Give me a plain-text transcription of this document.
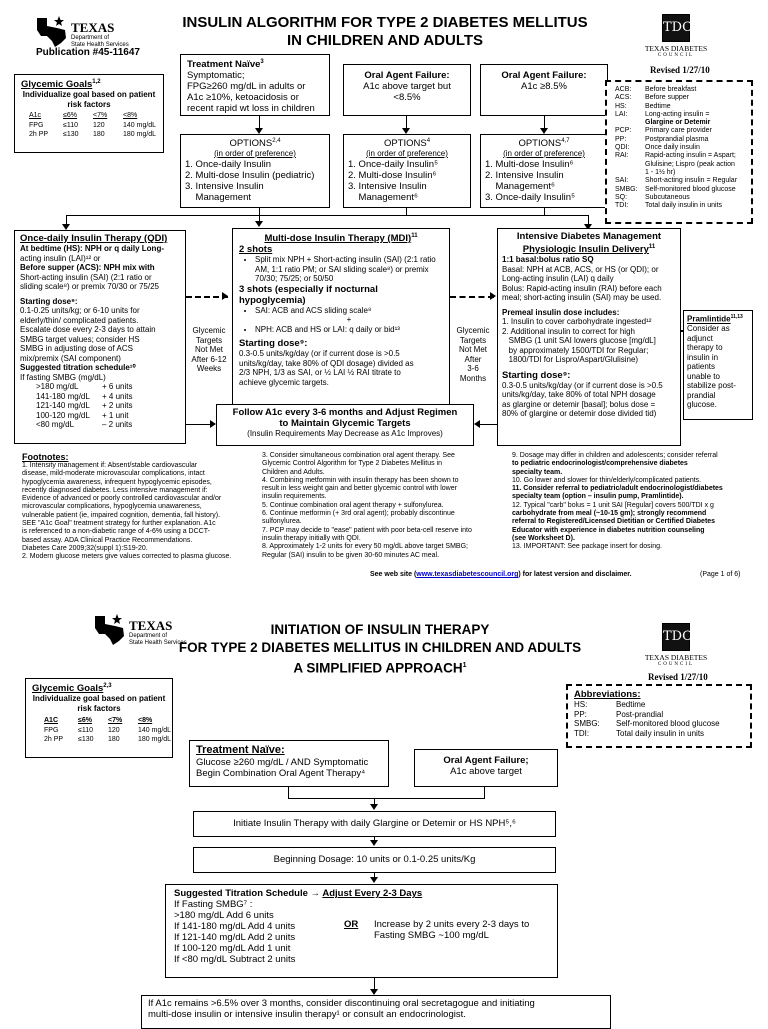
TEXAS
Department of
State Health Services
INSULIN ALGORITHM FOR TYPE 2 DIABETES MELLITUS
IN CHILDREN AND ADULTS
Publication #45-11647
TDC
TEXAS DIABETES
COUNCIL
Revised 1/27/10
Glycemic Goals$^{1,2}$
Individualize goal based on patient risk factors
A1c	≤6%	<7%	<8%
FPG	≤110	120	140 mg/dL
2h PP	≤130	180	180 mg/dL
Treatment Naïve$^3$
Symptomatic;
FPG≥260 mg/dL in adults or
A1c ≥10%, ketoacidosis or
recent rapid wt loss in children
Oral Agent Failure:
A1c above target but
<8.5%
Oral Agent Failure:
A1c ≥8.5%
OPTIONS$^{2,4}$
(in order of preference)
1. Once-daily Insulin
2. Multi-dose Insulin (pediatric)
3. Intensive Insulin
Management
OPTIONS$^4$
(in order of preference)
1. Once-daily Insulin⁵
2. Multi-dose Insulin⁶
3. Intensive Insulin
Management⁶
OPTIONS$^{4,7}$
(in order of preference)
1. Multi-dose Insulin⁶
2. Intensive Insulin
Management⁶
3. Once-daily Insulin⁵
ACB:	Before breakfast
ACS:	Before supper
HS:	Bedtime
LAI:	Long-acting insulin =
Glargine or Detemir
PCP:	Primary care provider
PP:	Postprandial plasma
QDI:	Once daily insulin
RAI:	Rapid-acting insulin = Aspart;
Glulisine; Lispro (peak action
1 - 1½ hr)
SAI:	Short-acting insulin = Regular
SMBG:	Self-monitored blood glucose
SQ:	Subcutaneous
TDI:	Total daily insulin in units
Once-daily Insulin Therapy (QDI)
At bedtime (HS): NPH or q daily Long-
acting insulin (LAI)¹² or
Before supper (ACS): NPH mix with
Short-acting insulin (SAI) (2:1 ratio or
sliding scale⁸) or premix 70/30 or 75/25
Starting dose⁹:
0.1-0.25 units/kg; or 6-10 units for
elderly/thin/ complicated patients.
Escalate dose every 2-3 days to attain
SMBG target values; consider HS
SMBG in adjusting dose of ACS
mix/premix (SAI component)
Suggested titration schedule¹⁰
If fasting SMBG (mg/dL)
>180 mg/dL	+ 6 units
141-180 mg/dL	+ 4 units
121-140 mg/dL	+ 2 units
100-120 mg/dL	+ 1 unit
<80 mg/dL	– 2 units
Glycemic
Targets
Not Met
After 6-12
Weeks
Multi-dose Insulin Therapy (MDI)$^{11}$
2 shots
• Split mix NPH + Short-acting insulin (SAI) (2:1 ratio AM, 1:1 ratio PM; or SAI sliding scale⁸) or premix 70/30; 75/25; or 50/50
3 shots (especially if nocturnal hypoglycemia)
• SAI: ACB and ACS sliding scale⁸
+
• NPH: ACB and HS or LAI: q daily or bid¹³
Starting dose⁹:
0.3-0.5 units/kg/day (or if current dose is >0.5
units/kg/day, take 80% of QDI dosage) divided as
2/3 NPH, 1/3 as SAI, or ½ LAI ½ RAI titrate to
achieve glycemic targets.
Glycemic
Targets
Not Met
After
3-6
Months
Intensive Diabetes Management
Physiologic Insulin Delivery$^{11}$
1:1 basal:bolus ratio SQ
Basal: NPH at ACB, ACS, or HS (or QDI); or
Long-acting insulin (LAI) q daily
Bolus: Rapid-acting insulin (RAI) before each
meal; short-acting insulin (SAI) may be used.
Premeal insulin dose includes:
1. Insulin to cover carbohydrate ingested¹²
2. Additional insulin to correct for high
SMBG (1 unit SAI lowers glucose [mg/dL]
by approximately 1500/TDI for Regular;
1800/TDI for Lispro/Aspart/Glulisine)
Starting dose⁹:
0.3-0.5 units/kg/day (or if current dose is >0.5
units/kg/day, take 80% of total NPH dosage
as glargine or detemir [basal]; bolus dose =
80% of glargine or detemir dose divided tid)
Pramlintide$^{11,13}$
Consider as
adjunct
therapy to
insulin in
patients
unable to
stabilize post-
prandial
glucose.
Follow A1c every 3-6 months and Adjust Regimen
to Maintain Glycemic Targets
(Insulin Requirements May Decrease as A1c Improves)
Footnotes:
1. Intensity management if: Absent/stable cardiovascular
disease, mild-moderate microvascular complications, intact
hypoglycemia awareness, infrequent hypoglycemic episodes,
recently diagnosed diabetes. Less intensive management if:
Evidence of advanced or poorly controlled cardiovascular and/or
microvascular complications, hypoglycemia unawareness,
vulnerable patient (ie, impaired cognition, dementia, fall history).
SEE "A1c Goal" treatment strategy for further explanation. A1c
is referenced to a non-diabetic range of 4-6% using a DCCT-
based assay. ADA Clinical Practice Recommendations.
Diabetes Care 2009;32(suppl 1):S19-20.
2. Modern glucose meters give values corrected to plasma glucose.
3. Consider simultaneous combination oral agent therapy. See
Glycemic Control Algorithm for Type 2 Diabetes Mellitus in
Children and Adults.
4. Combining metformin with insulin therapy has been shown to
result in less weight gain and better glycemic control with lower
insulin requirements.
5. Continue combination oral agent therapy + sulfonylurea.
6. Continue metformin (+ 3rd oral agent); probably discontinue
sulfonylurea.
7. PCP may decide to "ease" patient with poor beta-cell reserve into
insulin therapy initially with QDI.
8. Approximately 1-2 units for every 50 mg/dL above target SMBG;
Regular (SAI) insulin to be given 30-60 minutes AC meal.
9. Dosage may differ in children and adolescents; consider referral
to pediatric endocrinologist/comprehensive diabetes
specialty team.
10. Go lower and slower for thin/elderly/complicated patients.
11. Consider referral to pediatric/adult endocrinologist/diabetes
specialty team (option – insulin pump, Pramlintide).
12. Typical "carb" bolus = 1 unit SAI [Regular] covers 500/TDI x g
carbohydrate from meal (~10-15 gm); strongly recommend
referral to Registered/Licensed Dietitian or Certified Diabetes
Educator with experience in diabetes nutrition counseling
(see Worksheet D).
13. IMPORTANT: See package insert for dosing.
See web site (www.texasdiabetescouncil.org) for latest version and disclaimer.	(Page 1 of 6)
TEXAS
Department of
State Health Services
INITIATION OF INSULIN THERAPY
FOR TYPE 2 DIABETES MELLITUS IN CHILDREN AND ADULTS
A SIMPLIFIED APPROACH$^1$
TDC
TEXAS DIABETES
COUNCIL
Revised 1/27/10
Glycemic Goals$^{2,3}$
Individualize goal based on patient risk factors
A1C	≤6%	<7%	<8%
FPG	≤110	120	140 mg/dL
2h PP	≤130	180	180 mg/dL
Abbreviations:
HS:	Bedtime
PP:	Post-prandial
SMBG:	Self-monitored blood glucose
TDI:	Total daily insulin in units
Treatment Naïve:
Glucose ≥260 mg/dL / AND Symptomatic
Begin Combination Oral Agent Therapy⁴
Oral Agent Failure;
A1c above target
Initiate Insulin Therapy with daily Glargine or Detemir or HS NPH⁵,⁶
Beginning Dosage: 10 units or 0.1-0.25 units/Kg
Suggested Titration Schedule → Adjust Every 2-3 Days
If Fasting SMBG⁷ :
>180 mg/dL Add 6 units
If 141-180 mg/dL Add 4 units
If 121-140 mg/dL Add 2 units
If 100-120 mg/dL Add 1 unit
If <80 mg/dL Subtract 2 units
OR Increase by 2 units every 2-3 days to
Fasting SMBG ~100 mg/dL
If A1c remains >6.5% over 3 months, consider discontinuing oral secretagogue and initiating
multi-dose insulin or intensive insulin therapy¹ or consult an endocrinologist.
